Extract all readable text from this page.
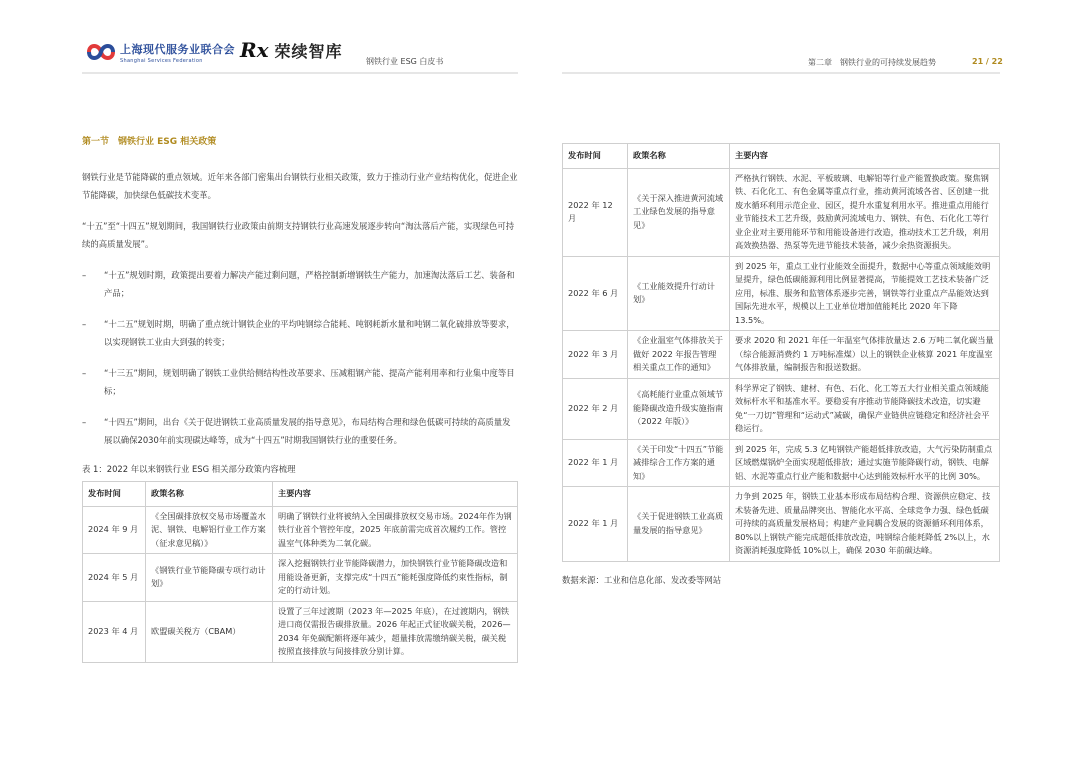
上海现代服务业联合会
Shanghai Services Federation	Rx 荣续智库
钢铁行业 ESG 白皮书	第二章　钢铁行业的可持续发展趋势	21 / 22
第一节　钢铁行业 ESG 相关政策

钢铁行业是节能降碳的重点领域。近年来各部门密集出台钢铁行业相关政策，致力于推动行业产业结构优化，促进企业节能降碳，加快绿色低碳技术变革。

“十五”至“十四五”规划期间，我国钢铁行业政策由前期支持钢铁行业高速发展逐步转向“淘汰落后产能，实现绿色可持续的高质量发展”。

–	“十五”规划时期，政策提出要着力解决产能过剩问题，严格控制新增钢铁生产能力，加速淘汰落后工艺、装备和产品；
–	“十二五”规划时期，明确了重点统计钢铁企业的平均吨钢综合能耗、吨钢耗新水量和吨钢二氧化硫排放等要求，以实现钢铁工业由大到强的转变；
–	“十三五”期间，规划明确了钢铁工业供给侧结构性改革要求、压减粗钢产能、提高产能利用率和行业集中度等目标；
–	“十四五”期间，出台《关于促进钢铁工业高质量发展的指导意见》，布局结构合理和绿色低碳可持续的高质量发展以确保2030年前实现碳达峰等，成为“十四五”时期我国钢铁行业的重要任务。
表 1：2022 年以来钢铁行业 ESG 相关部分政策内容梳理
发布时间	政策名称	主要内容
2024 年 9 月	《全国碳排放权交易市场覆盖水泥、钢铁、电解铝行业工作方案（征求意见稿）》	明确了钢铁行业将被纳入全国碳排放权交易市场。2024年作为钢铁行业首个管控年度，2025 年底前需完成首次履约工作。管控温室气体种类为二氧化碳。
2024 年 5 月	《钢铁行业节能降碳专项行动计划》	深入挖掘钢铁行业节能降碳潜力，加快钢铁行业节能降碳改造和用能设备更新，支撑完成“十四五”能耗强度降低约束性指标，制定的行动计划。
2023 年 4 月	欧盟碳关税方（CBAM）	设置了三年过渡期（2023 年—2025 年底），在过渡期内，钢铁进口商仅需报告碳排放量。2026 年起正式征收碳关税，2026—2034 年免碳配额将逐年减少，超量排放需缴纳碳关税，碳关税按照直接排放与间接排放分别计算。
发布时间	政策名称	主要内容
2022 年 12 月	《关于深入推进黄河流域工业绿色发展的指导意见》	严格执行钢铁、水泥、平板玻璃、电解铝等行业产能置换政策。聚焦钢铁、石化化工、有色金属等重点行业，推动黄河流域各省、区创建一批废水循环利用示范企业、园区，提升水重复利用水平。推进重点用能行业节能技术工艺升级，鼓励黄河流域电力、钢铁、有色、石化化工等行业企业对主要用能环节和用能设备进行改造，推动技术工艺升级，利用高效换热器、热泵等先进节能技术装备，减少余热资源损失。
2022 年 6 月	《工业能效提升行动计划》	到 2025 年，重点工业行业能效全面提升，数据中心等重点领域能效明显提升，绿色低碳能源利用比例显著提高，节能提效工艺技术装备广泛应用，标准、服务和监管体系逐步完善，钢铁等行业重点产品能效达到国际先进水平，规模以上工业单位增加值能耗比 2020 年下降 13.5%。
2022 年 3 月	《企业温室气体排放关于做好 2022 年报告管理相关重点工作的通知》	要求 2020 和 2021 年任一年温室气体排放量达 2.6 万吨二氧化碳当量（综合能源消费约 1 万吨标准煤）以上的钢铁企业核算 2021 年度温室气体排放量，编制报告和报送数据。
2022 年 2 月	《高耗能行业重点领域节能降碳改造升级实施指南（2022 年版）》	科学界定了钢铁、建材、有色、石化、化工等五大行业相关重点领域能效标杆水平和基准水平。要稳妥有序推动节能降碳技术改造，切实避免“一刀切”管理和“运动式”减碳，确保产业链供应链稳定和经济社会平稳运行。
2022 年 1 月	《关于印发“十四五”节能减排综合工作方案的通知》	到 2025 年，完成 5.3 亿吨钢铁产能超低排放改造，大气污染防制重点区域燃煤锅炉全面实现超低排放；通过实施节能降碳行动，钢铁、电解铝、水泥等重点行业产能和数据中心达到能效标杆水平的比例 30%。
2022 年 1 月	《关于促进钢铁工业高质量发展的指导意见》	力争到 2025 年，钢铁工业基本形成布局结构合理、资源供应稳定、技术装备先进、质量品牌突出、智能化水平高、全球竞争力强、绿色低碳可持续的高质量发展格局；构建产业间耦合发展的资源循环利用体系，80%以上钢铁产能完成超低排放改造，吨钢综合能耗降低 2%以上，水资源消耗强度降低 10%以上，确保 2030 年前碳达峰。
数据来源：工业和信息化部、发改委等网站
